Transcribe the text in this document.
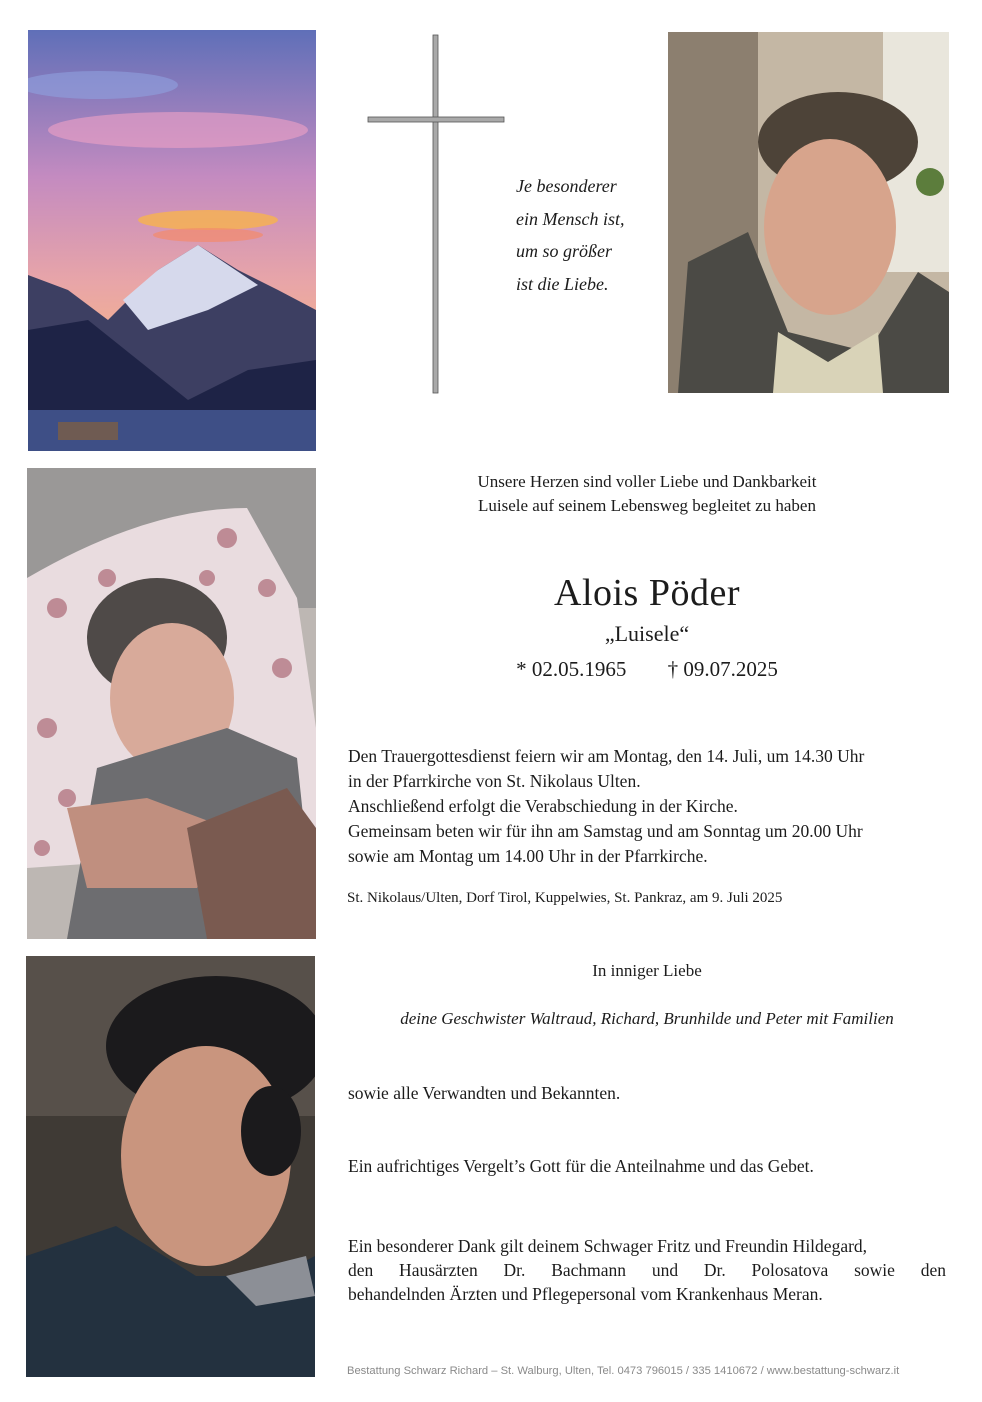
Je besonderer
ein Mensch ist,
um so größer
ist die Liebe.
Unsere Herzen sind voller Liebe und Dankbarkeit
Luisele auf seinem Lebensweg begleitet zu haben
Alois Pöder
„Luisele“
* 02.05.1965 † 09.07.2025
Den Trauergottesdienst feiern wir am Montag, den 14. Juli, um 14.30 Uhr
in der Pfarrkirche von St. Nikolaus Ulten.
Anschließend erfolgt die Verabschiedung in der Kirche.
Gemeinsam beten wir für ihn am Samstag und am Sonntag um 20.00 Uhr
sowie am Montag um 14.00 Uhr in der Pfarrkirche.
St. Nikolaus/Ulten, Dorf Tirol, Kuppelwies, St. Pankraz, am 9. Juli 2025
In inniger Liebe
deine Geschwister Waltraud, Richard, Brunhilde und Peter mit Familien
sowie alle Verwandten und Bekannten.
Ein aufrichtiges Vergelt’s Gott für die Anteilnahme und das Gebet.
Ein besonderer Dank gilt deinem Schwager Fritz und Freundin Hildegard,
den Hausärzten Dr. Bachmann und Dr. Polosatova sowie den
behandelnden Ärzten und Pflegepersonal vom Krankenhaus Meran.
Bestattung Schwarz Richard – St. Walburg, Ulten, Tel. 0473 796015 / 335 1410672 / www.bestattung-schwarz.it
